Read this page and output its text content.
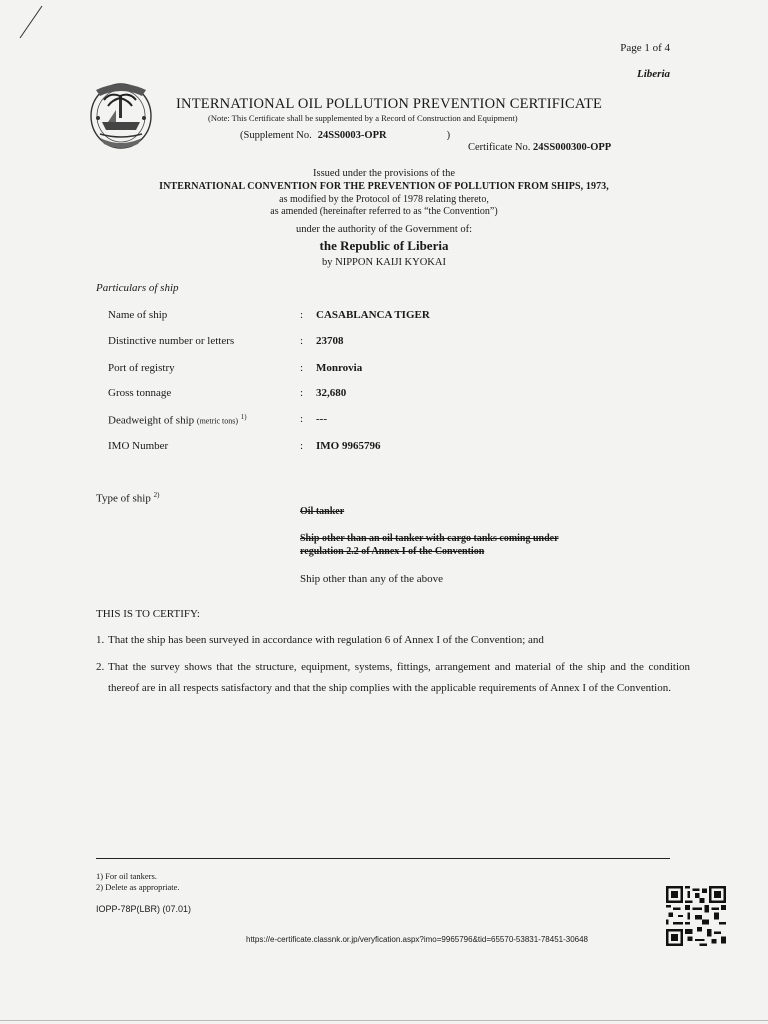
Page 1 of 4
Liberia
INTERNATIONAL OIL POLLUTION PREVENTION CERTIFICATE
(Note: This Certificate shall be supplemented by a Record of Construction and Equipment)
(Supplement No. 24SS0003-OPR	)
Certificate No. 24SS000300-OPP
Issued under the provisions of the
INTERNATIONAL CONVENTION FOR THE PREVENTION OF POLLUTION FROM SHIPS, 1973,
as modified by the Protocol of 1978 relating thereto,
as amended (hereinafter referred to as “the Convention”)
under the authority of the Government of:
the Republic of Liberia
by NIPPON KAIJI KYOKAI
Particulars of ship
Name of ship	: CASABLANCA TIGER
Distinctive number or letters	: 23708
Port of registry	: Monrovia
Gross tonnage	: 32,680
Deadweight of ship (metric tons) $^{1)}$	: ---
IMO Number	: IMO 9965796
Type of ship $^{2)}$
Oil tanker
Ship other than an oil tanker with cargo tanks coming under
regulation 2.2 of Annex I of the Convention
Ship other than any of the above
THIS IS TO CERTIFY:
1. That the ship has been surveyed in accordance with regulation 6 of Annex I of the Convention; and
2. That the survey shows that the structure, equipment, systems, fittings, arrangement and material of the ship and the condition thereof are in all respects satisfactory and that the ship complies with the applicable requirements of Annex I of the Convention.
1) For oil tankers.
2) Delete as appropriate.
IOPP-78P(LBR) (07.01)
https://e-certificate.classnk.or.jp/veryfication.aspx?imo=9965796&tid=65570-53831-78451-30648
